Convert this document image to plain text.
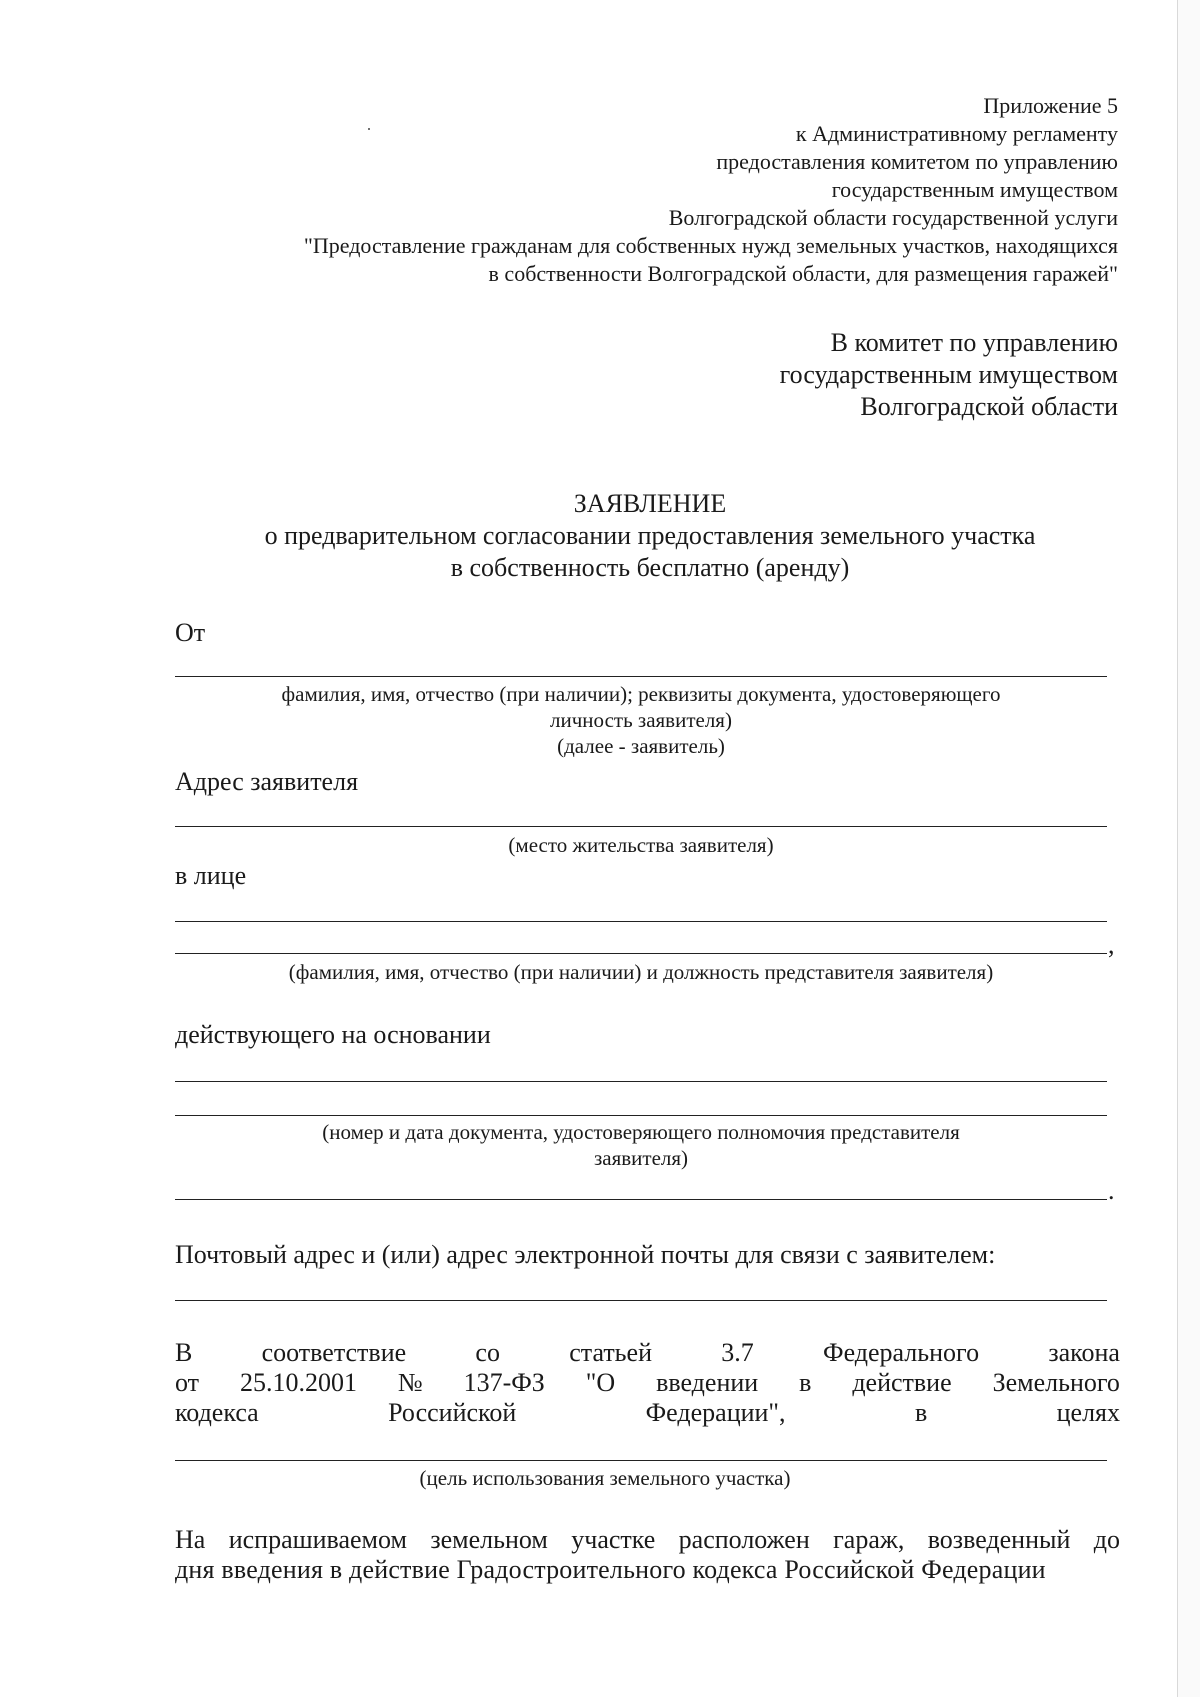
Приложение 5
к Административному регламенту
предоставления комитетом по управлению
государственным имуществом
Волгоградской области государственной услуги
"Предоставление гражданам для собственных нужд земельных участков, находящихся
в собственности Волгоградской области, для размещения гаражей"
В комитет по управлению
государственным имуществом
Волгоградской области
ЗАЯВЛЕНИЕ
о предварительном согласовании предоставления земельного участка
в собственность бесплатно (аренду)
От
фамилия, имя, отчество (при наличии); реквизиты документа, удостоверяющего
личность заявителя)
(далее - заявитель)
Адрес заявителя
(место жительства заявителя)
в лице
,
(фамилия, имя, отчество (при наличии) и должность представителя заявителя)
действующего на основании
(номер и дата документа, удостоверяющего полномочия представителя
заявителя)
.
Почтовый адрес и (или) адрес электронной почты для связи с заявителем:
В	соответствие	со	статьей	3.7	Федерального	закона
от 25.10.2001 № 137-ФЗ "О введении в действие Земельного
кодекса	Российской	Федерации",	в	целях
(цель использования земельного участка)
На испрашиваемом земельном участке расположен гараж, возведенный до
дня введения в действие Градостроительного кодекса Российской Федерации
